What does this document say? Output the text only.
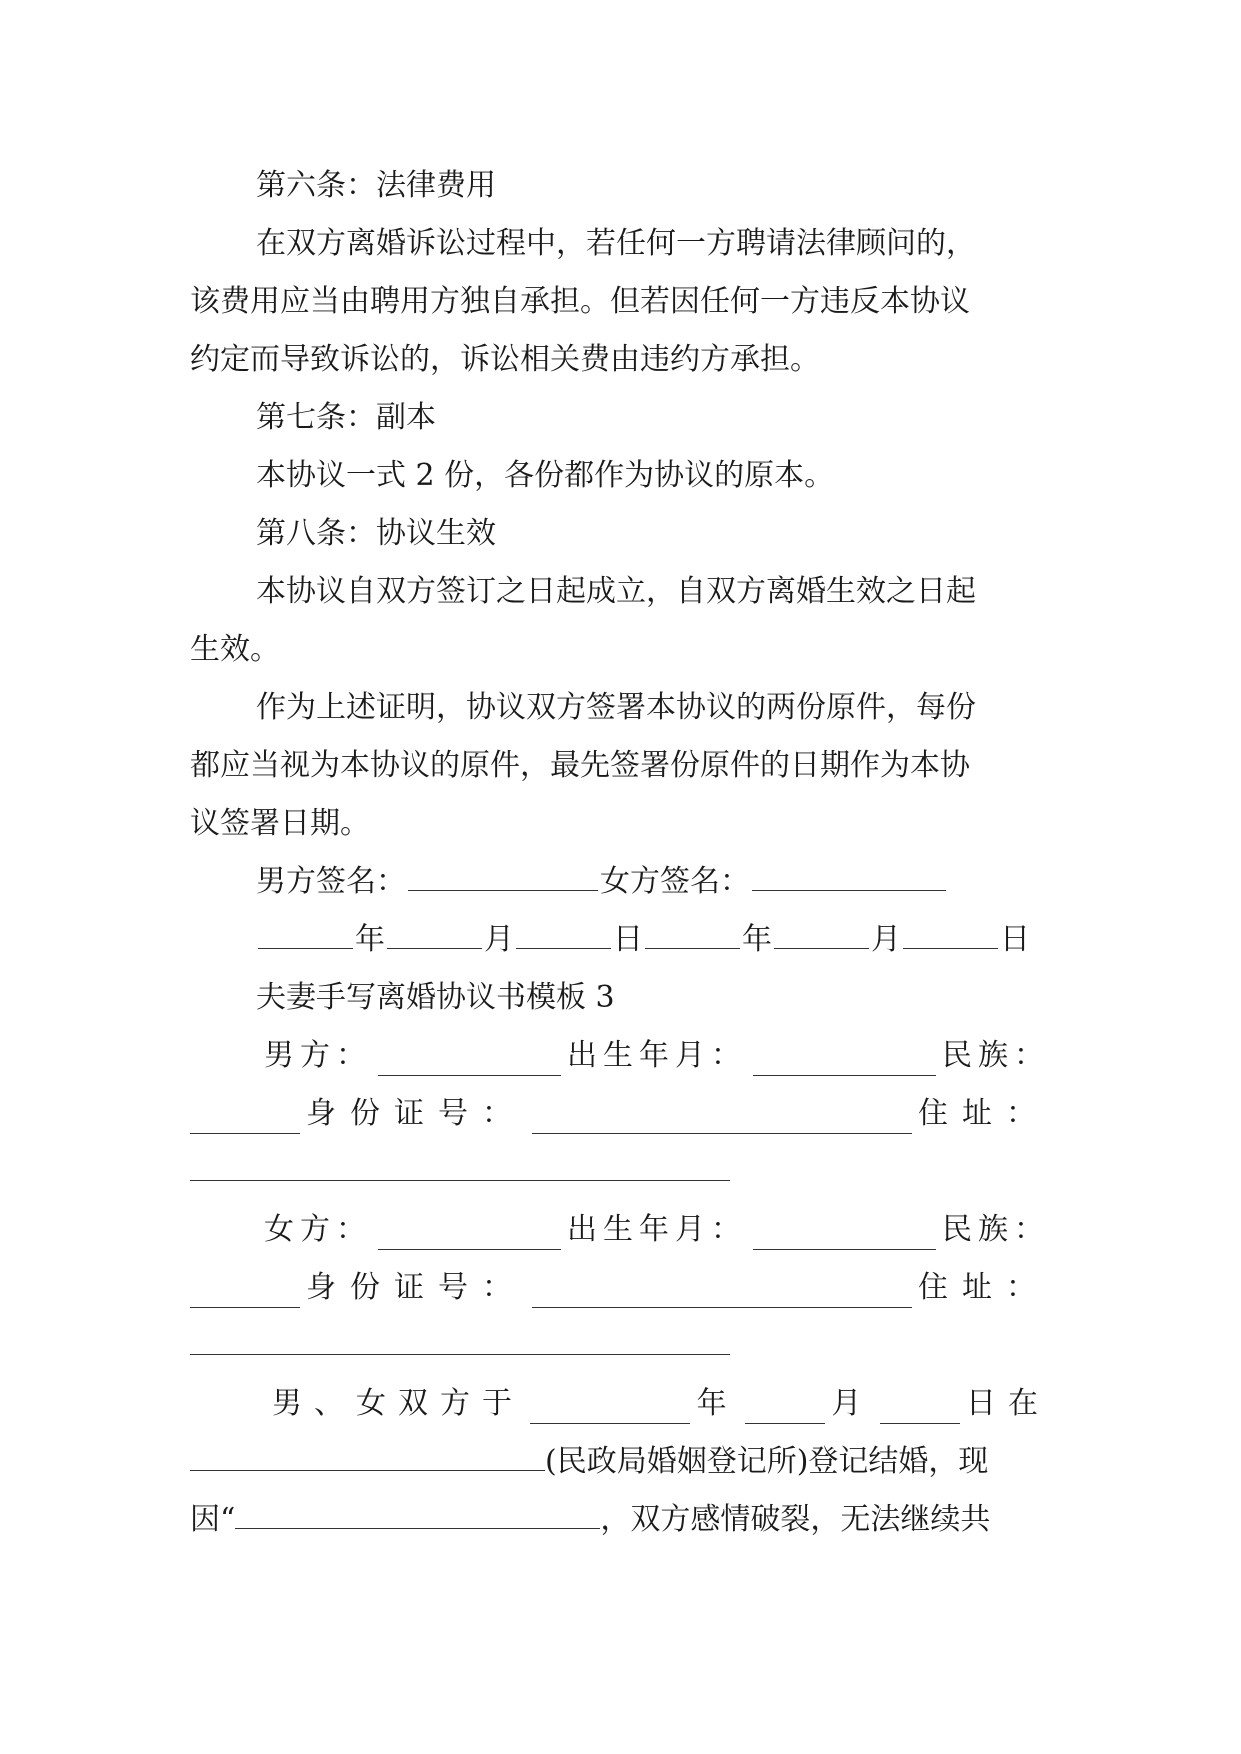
第六条：法律费用
在双方离婚诉讼过程中，若任何一方聘请法律顾问的，
该费用应当由聘用方独自承担。但若因任何一方违反本协议
约定而导致诉讼的，诉讼相关费由违约方承担。
第七条：副本
本协议一式 2 份，各份都作为协议的原本。
第八条：协议生效
本协议自双方签订之日起成立，自双方离婚生效之日起
生效。
作为上述证明，协议双方签署本协议的两份原件，每份
都应当视为本协议的原件，最先签署份原件的日期作为本协
议签署日期。
男方签名：	女方签名：
年	月	日	年	月	日
夫妻手写离婚协议书模板 3
男方：	出生年月：	民族：
身份证号：	住址：
女方：	出生年月：	民族：
身份证号：	住址：
男、女双方于	年	月	日在
(民政局婚姻登记所)登记结婚，现
因“	，双方感情破裂，无法继续共
